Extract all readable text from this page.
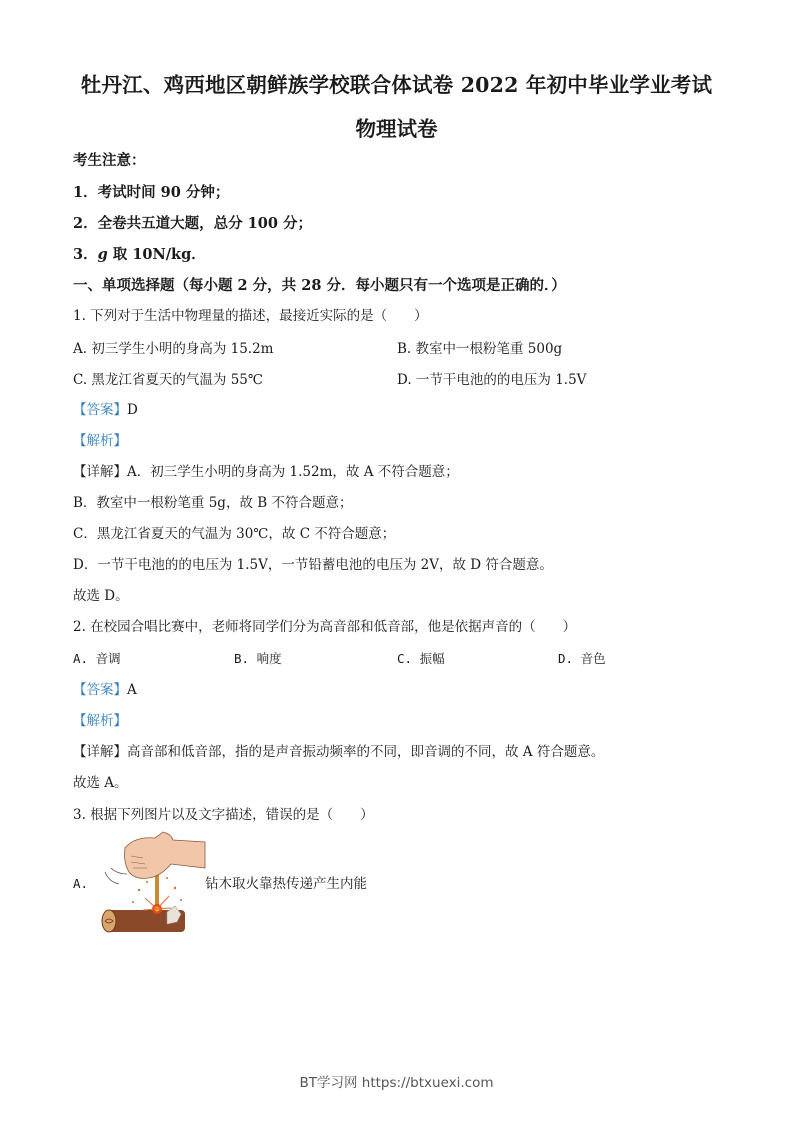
牡丹江、鸡西地区朝鲜族学校联合体试卷 2022 年初中毕业学业考试
物理试卷
考生注意：
1．考试时间 90 分钟；
2．全卷共五道大题，总分 100 分；
3．g 取 10N/kg．
一、单项选择题（每小题 2 分，共 28 分．每小题只有一个选项是正确的．）
1. 下列对于生活中物理量的描述，最接近实际的是（　　）
A. 初三学生小明的身高为 15.2m	B. 教室中一根粉笔重 500g
C. 黑龙江省夏天的气温为 55℃	D. 一节干电池的的电压为 1.5V
【答案】D
【解析】
【详解】A．初三学生小明的身高为 1.52m，故 A 不符合题意；
B．教室中一根粉笔重 5g，故 B 不符合题意；
C．黑龙江省夏天的气温为 30℃，故 C 不符合题意；
D．一节干电池的的电压为 1.5V，一节铅蓄电池的电压为 2V，故 D 符合题意。
故选 D。
2. 在校园合唱比赛中，老师将同学们分为高音部和低音部，他是依据声音的（　　）
A. 音调	B. 响度	C. 振幅	D. 音色
【答案】A
【解析】
【详解】高音部和低音部，指的是声音振动频率的不同，即音调的不同，故 A 符合题意。
故选 A。
3. 根据下列图片以及文字描述，错误的是（　　）
A.	钻木取火靠热传递产生内能
BT学习网 https://btxuexi.com
